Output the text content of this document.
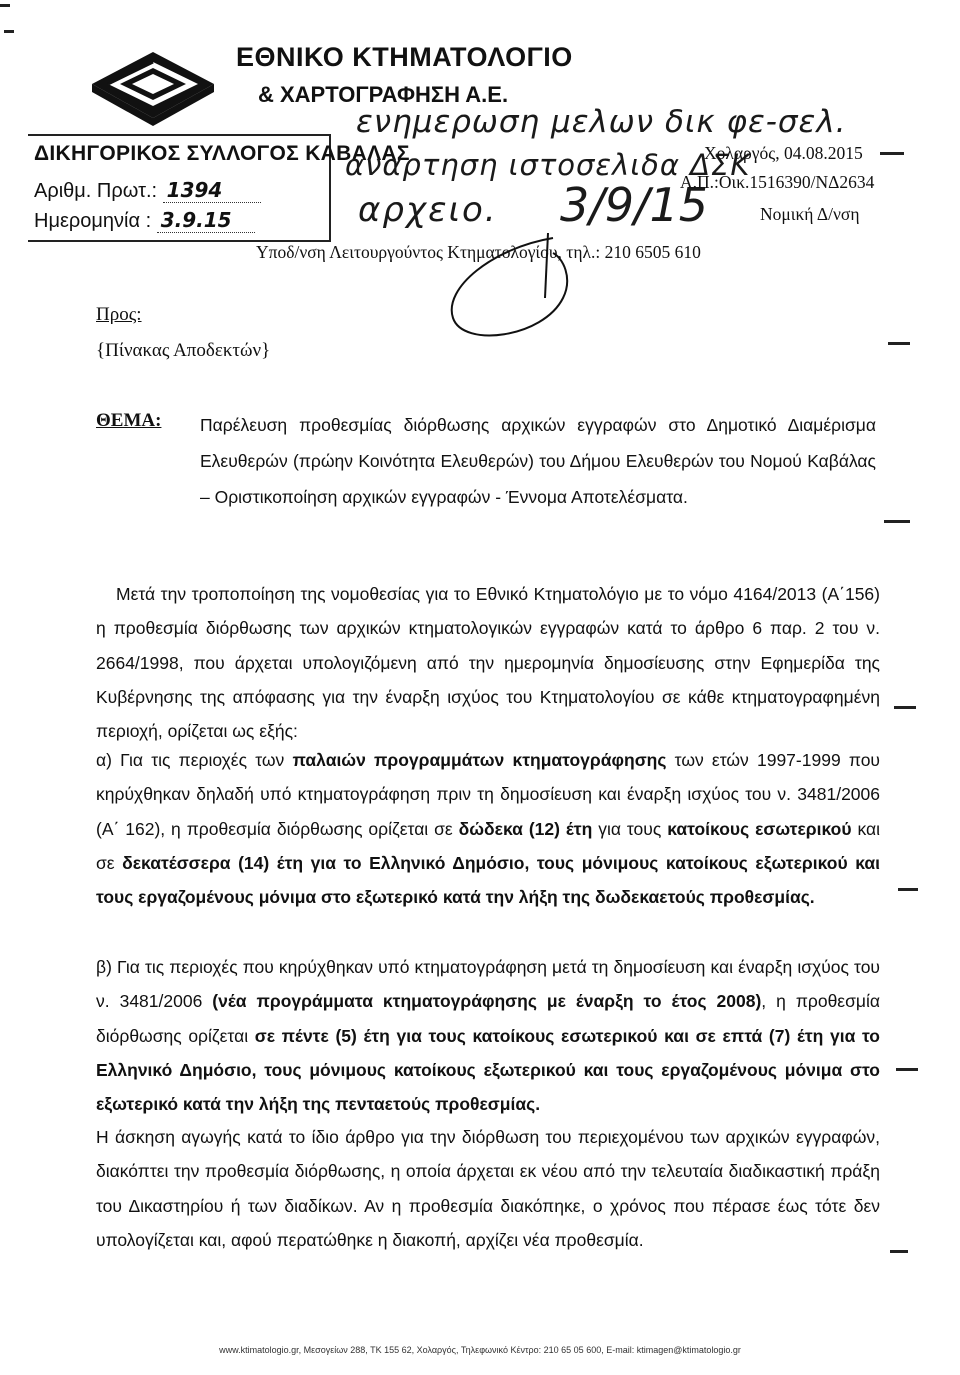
ΕΘΝΙΚΟ ΚΤΗΜΑΤΟΛΟΓΙΟ
& ΧΑΡΤΟΓΡΑΦΗΣΗ Α.Ε.
ΔΙΚΗΓΟΡΙΚΟΣ ΣΥΛΛΟΓΟΣ ΚΑΒΑΛΑΣ
Αριθμ. Πρωτ.: 1394
Ημερομηνία : 3.9.15
ενημερωση μελων δικ φε-σελ.
αναρτηση ιστοσελιδα ΔΣΚ
αρχειο. 3/9/15
Χολαργός, 04.08.2015
Α.Π.:Οικ.1516390/ΝΔ2634
Νομική Δ/νση
Υποδ/νση Λειτουργούντος Κτηματολογίου, τηλ.: 210 6505 610
Προς:
{Πίνακας Αποδεκτών}
ΘΕΜΑ: Παρέλευση προθεσμίας διόρθωσης αρχικών εγγραφών στο Δημοτικό Διαμέρισμα Ελευθερών (πρώην Κοινότητα Ελευθερών) του Δήμου Ελευθερών του Νομού Καβάλας – Οριστικοποίηση αρχικών εγγραφών - Έννομα Αποτελέσματα.
Μετά την τροποποίηση της νομοθεσίας για το Εθνικό Κτηματολόγιο με το νόμο 4164/2013 (Α΄156) η προθεσμία διόρθωσης των αρχικών κτηματολογικών εγγραφών κατά το άρθρο 6 παρ. 2 του ν. 2664/1998, που άρχεται υπολογιζόμενη από την ημερομηνία δημοσίευσης στην Εφημερίδα της Κυβέρνησης της απόφασης για την έναρξη ισχύος του Κτηματολογίου σε κάθε κτηματογραφημένη περιοχή, ορίζεται ως εξής:
α) Για τις περιοχές των παλαιών προγραμμάτων κτηματογράφησης των ετών 1997-1999 που κηρύχθηκαν δηλαδή υπό κτηματογράφηση πριν τη δημοσίευση και έναρξη ισχύος του ν. 3481/2006 (Α΄ 162), η προθεσμία διόρθωσης ορίζεται σε δώδεκα (12) έτη για τους κατοίκους εσωτερικού και σε δεκατέσσερα (14) έτη για το Ελληνικό Δημόσιο, τους μόνιμους κατοίκους εξωτερικού και τους εργαζομένους μόνιμα στο εξωτερικό κατά την λήξη της δωδεκαετούς προθεσμίας.
β) Για τις περιοχές που κηρύχθηκαν υπό κτηματογράφηση μετά τη δημοσίευση και έναρξη ισχύος του ν. 3481/2006 (νέα προγράμματα κτηματογράφησης με έναρξη το έτος 2008), η προθεσμία διόρθωσης ορίζεται σε πέντε (5) έτη για τους κατοίκους εσωτερικού και σε επτά (7) έτη για το Ελληνικό Δημόσιο, τους μόνιμους κατοίκους εξωτερικού και τους εργαζομένους μόνιμα στο εξωτερικό κατά την λήξη της πενταετούς προθεσμίας.
Η άσκηση αγωγής κατά το ίδιο άρθρο για την διόρθωση του περιεχομένου των αρχικών εγγραφών, διακόπτει την προθεσμία διόρθωσης, η οποία άρχεται εκ νέου από την τελευταία διαδικαστική πράξη του Δικαστηρίου ή των διαδίκων. Αν η προθεσμία διακόπηκε, ο χρόνος που πέρασε έως τότε δεν υπολογίζεται και, αφού περατώθηκε η διακοπή, αρχίζει νέα προθεσμία.
www.ktimatologio.gr, Μεσογείων 288, ΤΚ 155 62, Χολαργός, Τηλεφωνικό Κέντρο: 210 65 05 600, E-mail: ktimagen@ktimatologio.gr
